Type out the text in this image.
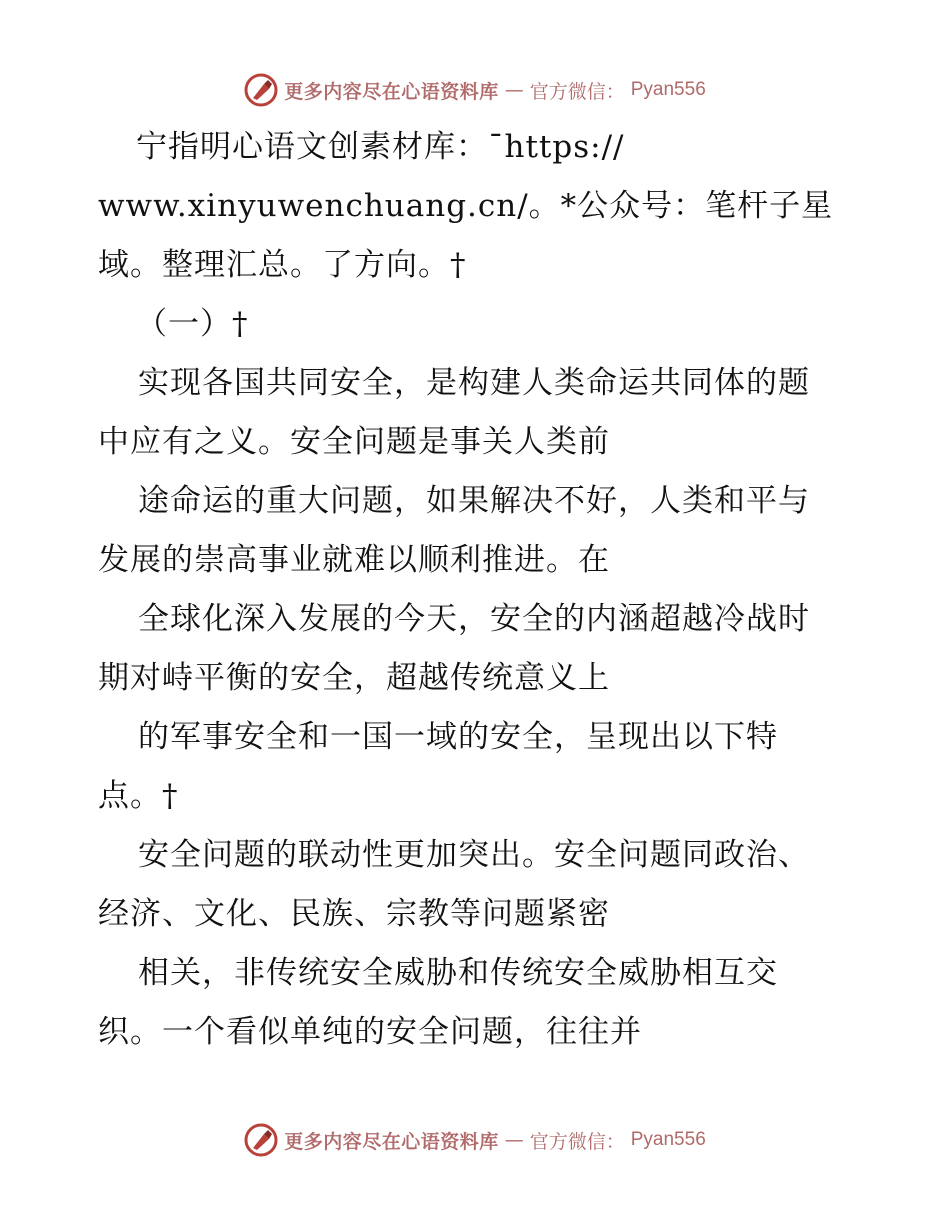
更多内容尽在心语资料库 — 官方微信： Pyan556
宁指明心语文创素材库：¯https://
www.xinyuwenchuang.cn/。*公众号：笔杆子星
域。整理汇总。了方向。†
（一）†
实现各国共同安全，是构建人类命运共同体的题
中应有之义。安全问题是事关人类前
途命运的重大问题，如果解决不好，人类和平与
发展的崇高事业就难以顺利推进。在
全球化深入发展的今天，安全的内涵超越冷战时
期对峙平衡的安全，超越传统意义上
的军事安全和一国一域的安全，呈现出以下特
点。†
安全问题的联动性更加突出。安全问题同政治、
经济、文化、民族、宗教等问题紧密
相关，非传统安全威胁和传统安全威胁相互交
织。一个看似单纯的安全问题，往往并
更多内容尽在心语资料库 — 官方微信： Pyan556
